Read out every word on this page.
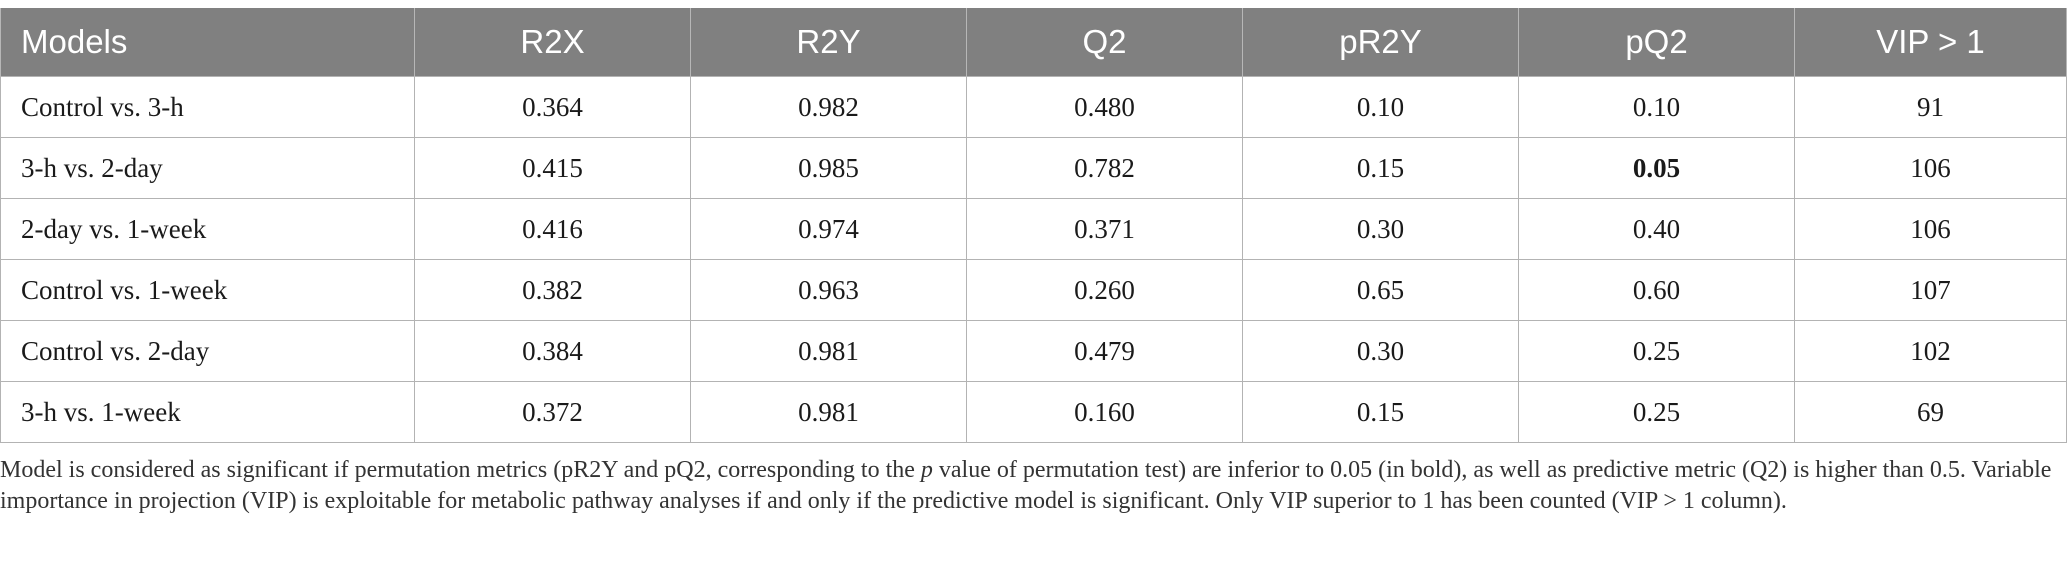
Models	R2X	R2Y	Q2	pR2Y	pQ2	VIP > 1
Control vs. 3-h	0.364	0.982	0.480	0.10	0.10	91
3-h vs. 2-day	0.415	0.985	0.782	0.15	0.05	106
2-day vs. 1-week	0.416	0.974	0.371	0.30	0.40	106
Control vs. 1-week	0.382	0.963	0.260	0.65	0.60	107
Control vs. 2-day	0.384	0.981	0.479	0.30	0.25	102
3-h vs. 1-week	0.372	0.981	0.160	0.15	0.25	69
Model is considered as significant if permutation metrics (pR2Y and pQ2, corresponding to the p value of permutation test) are inferior to 0.05 (in bold), as well as predictive metric (Q2) is higher than 0.5. Variable importance in projection (VIP) is exploitable for metabolic pathway analyses if and only if the predictive model is significant. Only VIP superior to 1 has been counted (VIP > 1 column).
